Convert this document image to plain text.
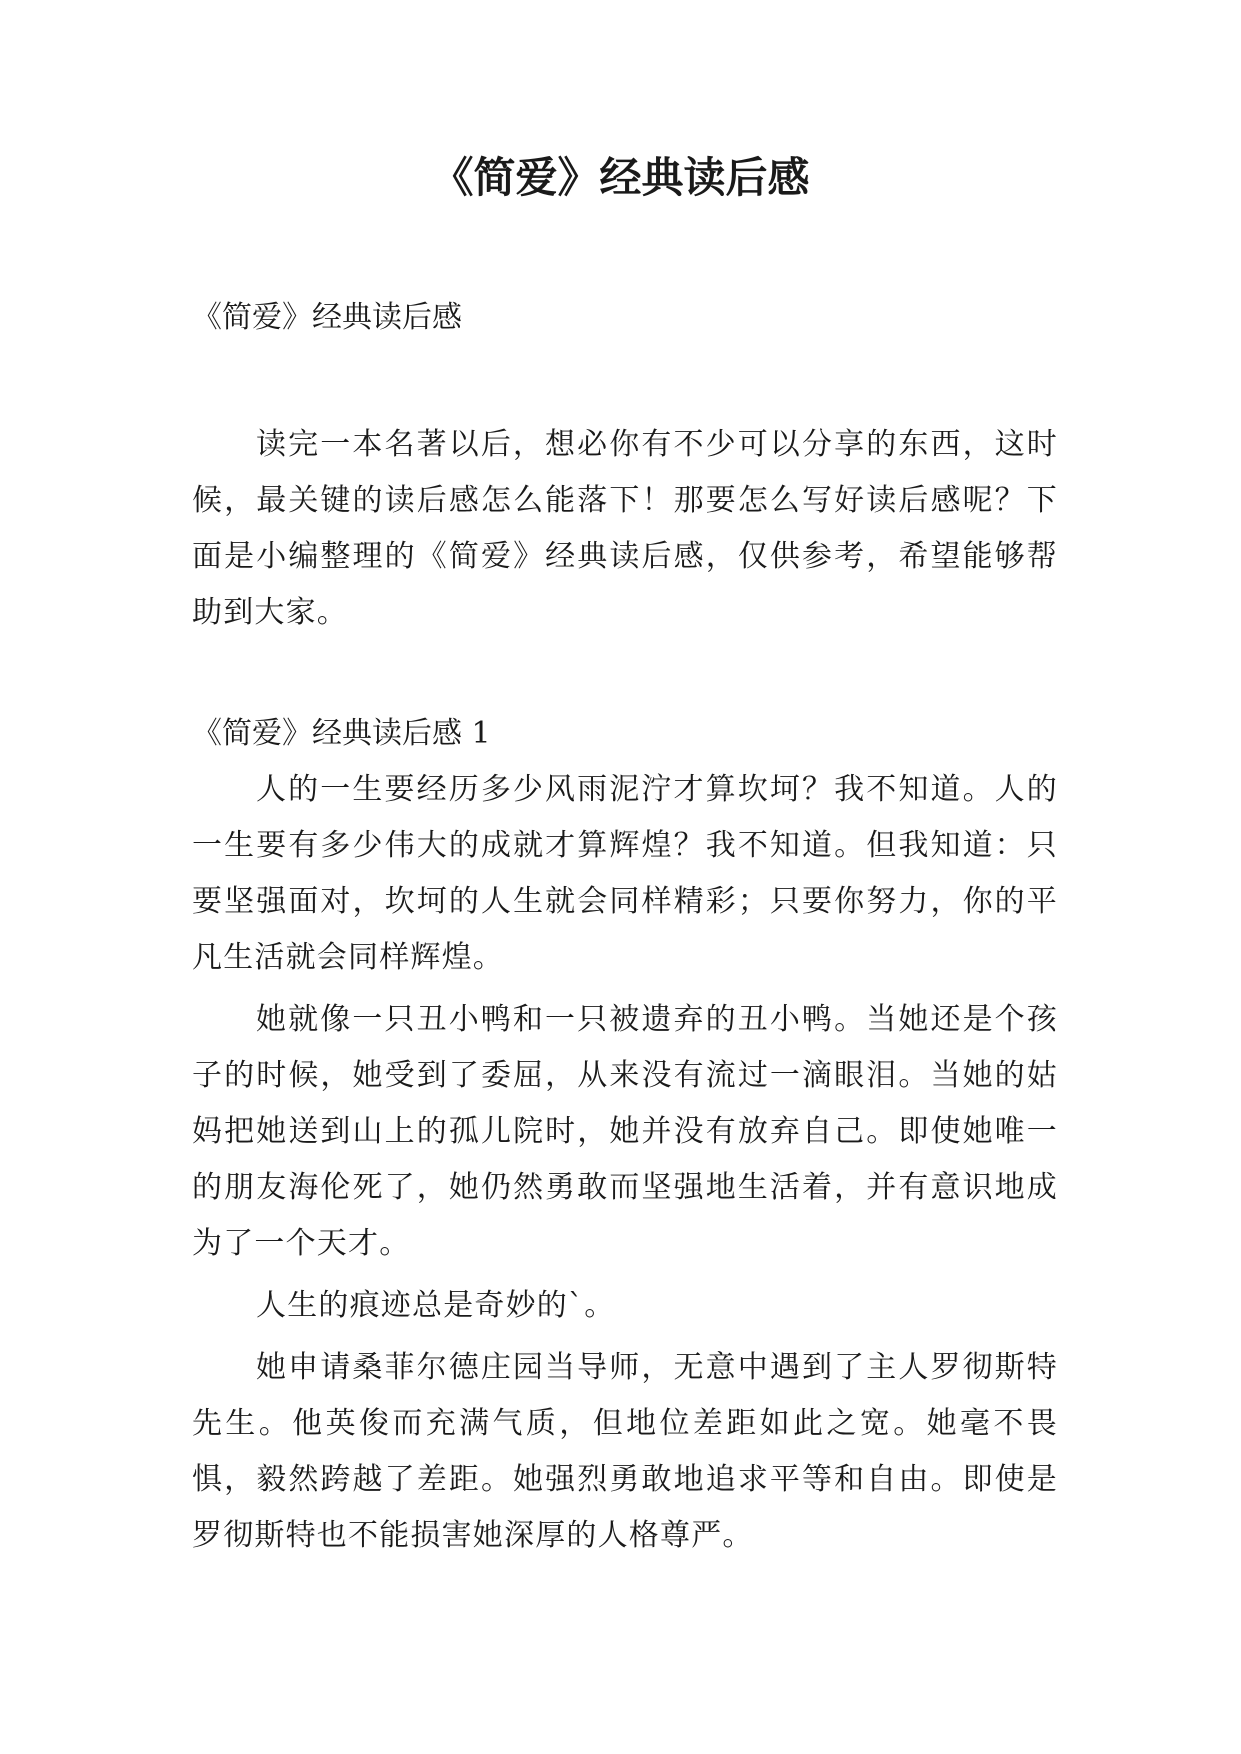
《简爱》经典读后感

《简爱》经典读后感

读完一本名著以后，想必你有不少可以分享的东西，这时候，最关键的读后感怎么能落下！那要怎么写好读后感呢？下面是小编整理的《简爱》经典读后感，仅供参考，希望能够帮助到大家。

《简爱》经典读后感 1

人的一生要经历多少风雨泥泞才算坎坷？我不知道。人的一生要有多少伟大的成就才算辉煌？我不知道。但我知道：只要坚强面对，坎坷的人生就会同样精彩；只要你努力，你的平凡生活就会同样辉煌。

她就像一只丑小鸭和一只被遗弃的丑小鸭。当她还是个孩子的时候，她受到了委屈，从来没有流过一滴眼泪。当她的姑妈把她送到山上的孤儿院时，她并没有放弃自己。即使她唯一的朋友海伦死了，她仍然勇敢而坚强地生活着，并有意识地成为了一个天才。

人生的痕迹总是奇妙的`。

她申请桑菲尔德庄园当导师，无意中遇到了主人罗彻斯特先生。他英俊而充满气质，但地位差距如此之宽。她毫不畏惧，毅然跨越了差距。她强烈勇敢地追求平等和自由。即使是罗彻斯特也不能损害她深厚的人格尊严。
